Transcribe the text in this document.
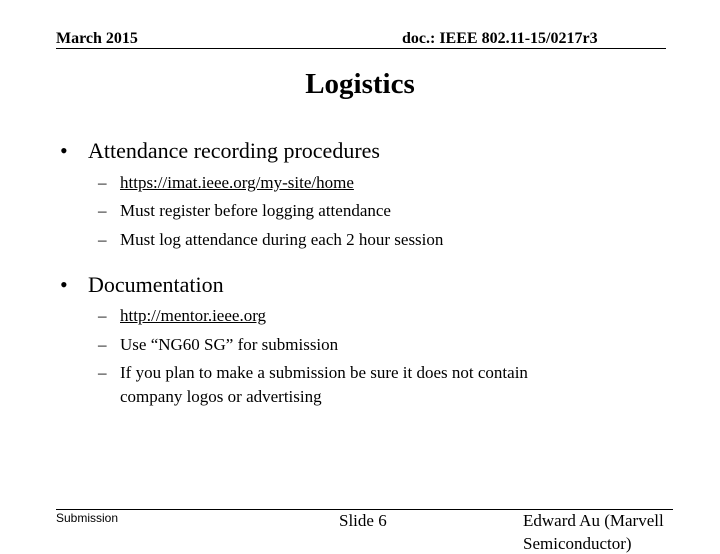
March 2015	doc.: IEEE 802.11-15/0217r3
Logistics
• Attendance recording procedures
– https://imat.ieee.org/my-site/home
– Must register before logging attendance
– Must log attendance during each 2 hour session
• Documentation
– http://mentor.ieee.org
– Use “NG60 SG” for submission
– If you plan to make a submission be sure it does not contain
company logos or advertising
Submission	Slide 6	Edward Au (Marvell
Semiconductor)
